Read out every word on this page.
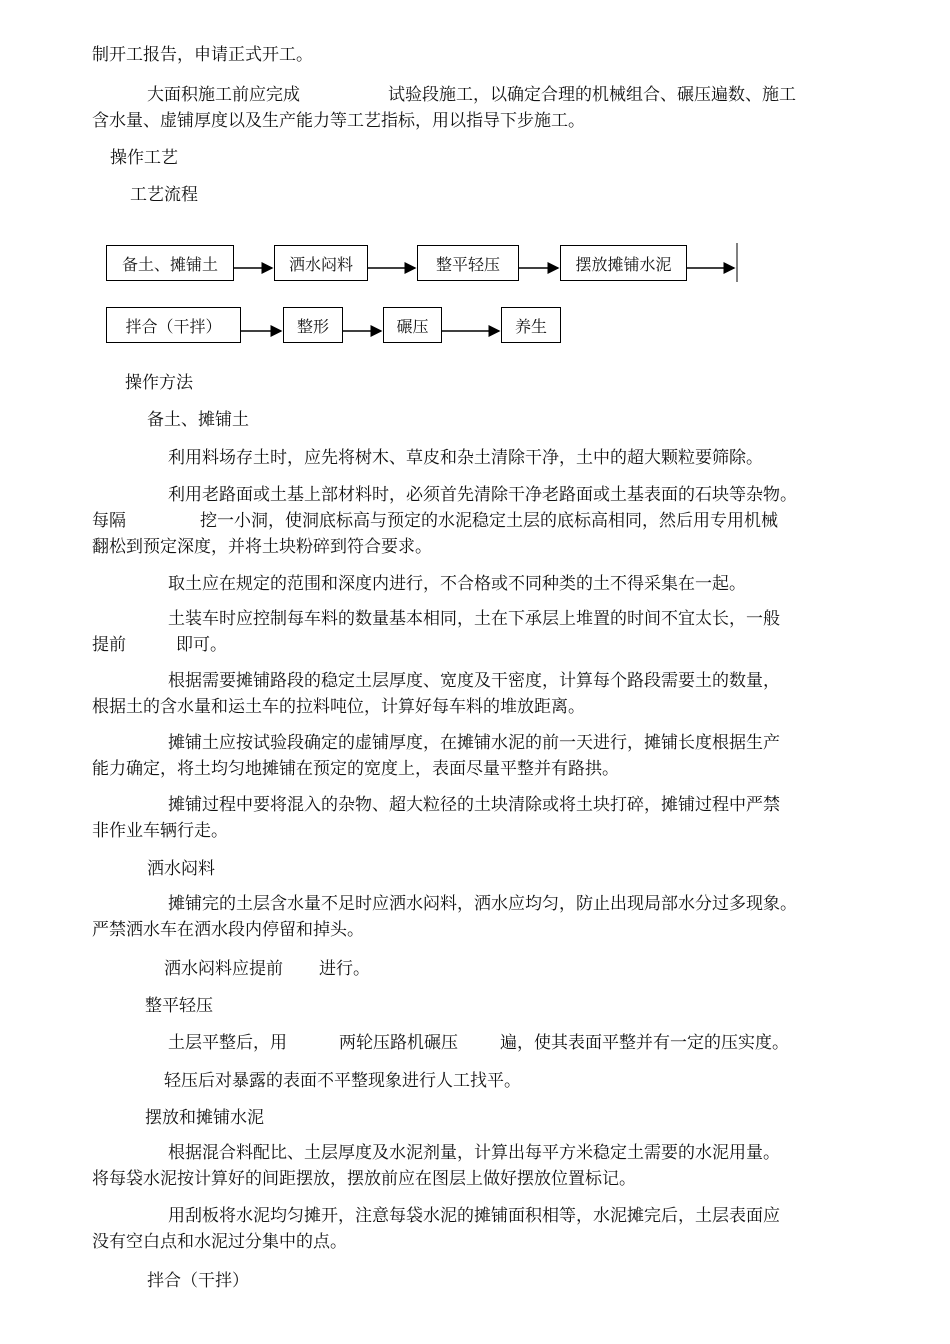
制开工报告，申请正式开工。
大面积施工前应完成	试验段施工，以确定合理的机械组合、碾压遍数、施工
含水量、虚铺厚度以及生产能力等工艺指标，用以指导下步施工。
操作工艺
工艺流程
备土、摊铺土	洒水闷料	整平轻压	摆放摊铺水泥
拌合（干拌）	整形	碾压	养生
操作方法
备土、摊铺土
利用料场存土时，应先将树木、草皮和杂土清除干净，土中的超大颗粒要筛除。
利用老路面或土基上部材料时，必须首先清除干净老路面或土基表面的石块等杂物。
每隔	挖一小洞，使洞底标高与预定的水泥稳定土层的底标高相同，然后用专用机械
翻松到预定深度，并将土块粉碎到符合要求。
取土应在规定的范围和深度内进行，不合格或不同种类的土不得采集在一起。
土装车时应控制每车料的数量基本相同，土在下承层上堆置的时间不宜太长，一般
提前	即可。
根据需要摊铺路段的稳定土层厚度、宽度及干密度，计算每个路段需要土的数量，
根据土的含水量和运土车的拉料吨位，计算好每车料的堆放距离。
摊铺土应按试验段确定的虚铺厚度，在摊铺水泥的前一天进行，摊铺长度根据生产
能力确定，将土均匀地摊铺在预定的宽度上，表面尽量平整并有路拱。
摊铺过程中要将混入的杂物、超大粒径的土块清除或将土块打碎，摊铺过程中严禁
非作业车辆行走。
洒水闷料
摊铺完的土层含水量不足时应洒水闷料，洒水应均匀，防止出现局部水分过多现象。
严禁洒水车在洒水段内停留和掉头。
洒水闷料应提前 进行。
整平轻压
土层平整后，用	两轮压路机碾压 遍，使其表面平整并有一定的压实度。
轻压后对暴露的表面不平整现象进行人工找平。
摆放和摊铺水泥
根据混合料配比、土层厚度及水泥剂量，计算出每平方米稳定土需要的水泥用量。
将每袋水泥按计算好的间距摆放，摆放前应在图层上做好摆放位置标记。
用刮板将水泥均匀摊开，注意每袋水泥的摊铺面积相等，水泥摊完后，土层表面应
没有空白点和水泥过分集中的点。
拌合（干拌）
